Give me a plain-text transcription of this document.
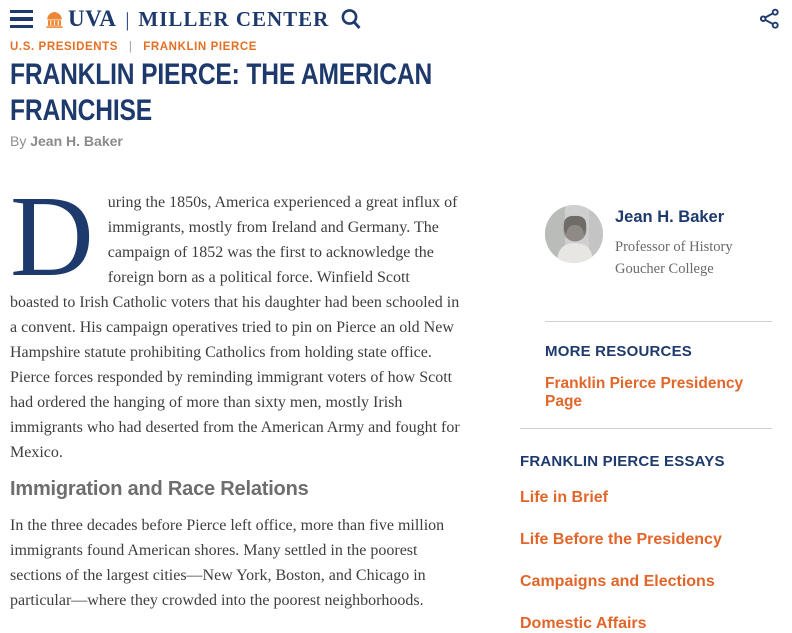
UVA | MILLER CENTER
U.S. PRESIDENTS | FRANKLIN PIERCE
FRANKLIN PIERCE: THE AMERICAN
FRANCHISE
By Jean H. Baker

During the 1850s, America experienced a great influx of immigrants, mostly from Ireland and Germany. The campaign of 1852 was the first to acknowledge the foreign born as a political force. Winfield Scott boasted to Irish Catholic voters that his daughter had been schooled in a convent. His campaign operatives tried to pin on Pierce an old New Hampshire statute prohibiting Catholics from holding state office. Pierce forces responded by reminding immigrant voters of how Scott had ordered the hanging of more than sixty men, mostly Irish immigrants who had deserted from the American Army and fought for Mexico.

Immigration and Race Relations

In the three decades before Pierce left office, more than five million immigrants found American shores. Many settled in the poorest sections of the largest cities—New York, Boston, and Chicago in particular—where they crowded into the poorest neighborhoods.

Jean H. Baker
Professor of History
Goucher College
MORE RESOURCES
Franklin Pierce Presidency Page
FRANKLIN PIERCE ESSAYS
Life in Brief
Life Before the Presidency
Campaigns and Elections
Domestic Affairs
